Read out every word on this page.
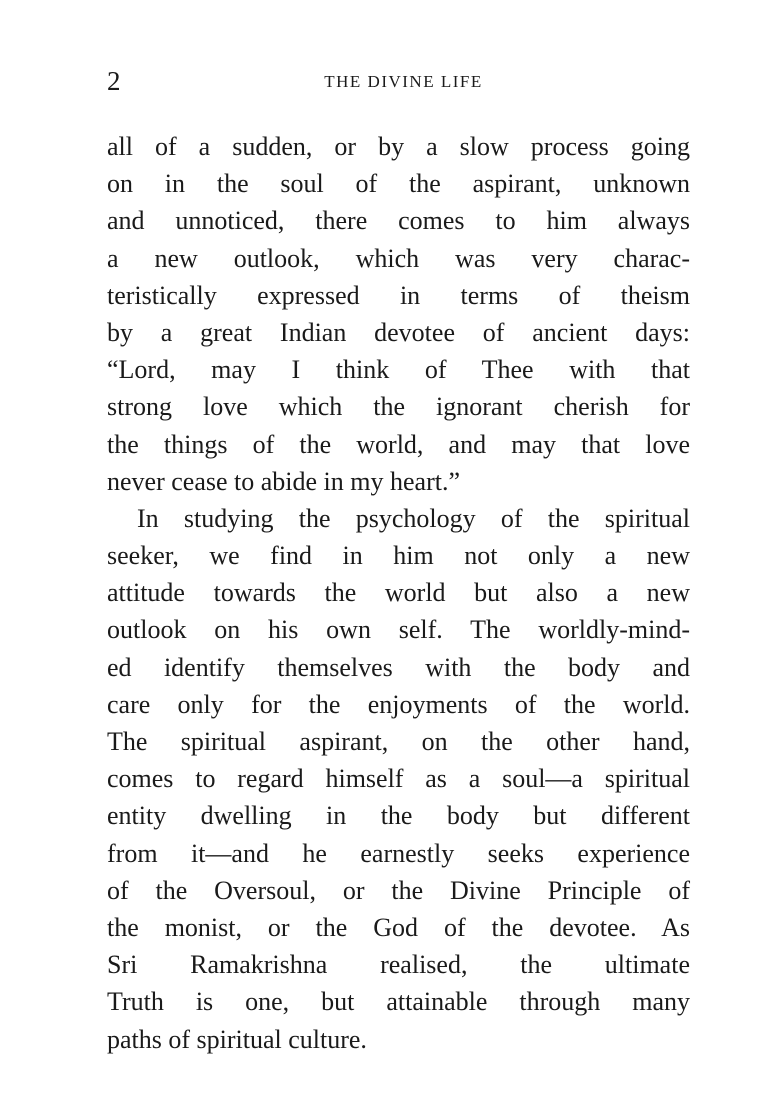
2	THE DIVINE LIFE
all of a sudden, or by a slow process going
on in the soul of the aspirant, unknown
and unnoticed, there comes to him always
a new outlook, which was very charac-
teristically expressed in terms of theism
by a great Indian devotee of ancient days:
“Lord, may I think of Thee with that
strong love which the ignorant cherish for
the things of the world, and may that love
never cease to abide in my heart.”
In studying the psychology of the spiritual
seeker, we find in him not only a new
attitude towards the world but also a new
outlook on his own self. The worldly-mind-
ed identify themselves with the body and
care only for the enjoyments of the world.
The spiritual aspirant, on the other hand,
comes to regard himself as a soul—a spiritual
entity dwelling in the body but different
from it—and he earnestly seeks experience
of the Oversoul, or the Divine Principle of
the monist, or the God of the devotee. As
Sri Ramakrishna realised, the ultimate
Truth is one, but attainable through many
paths of spiritual culture.
